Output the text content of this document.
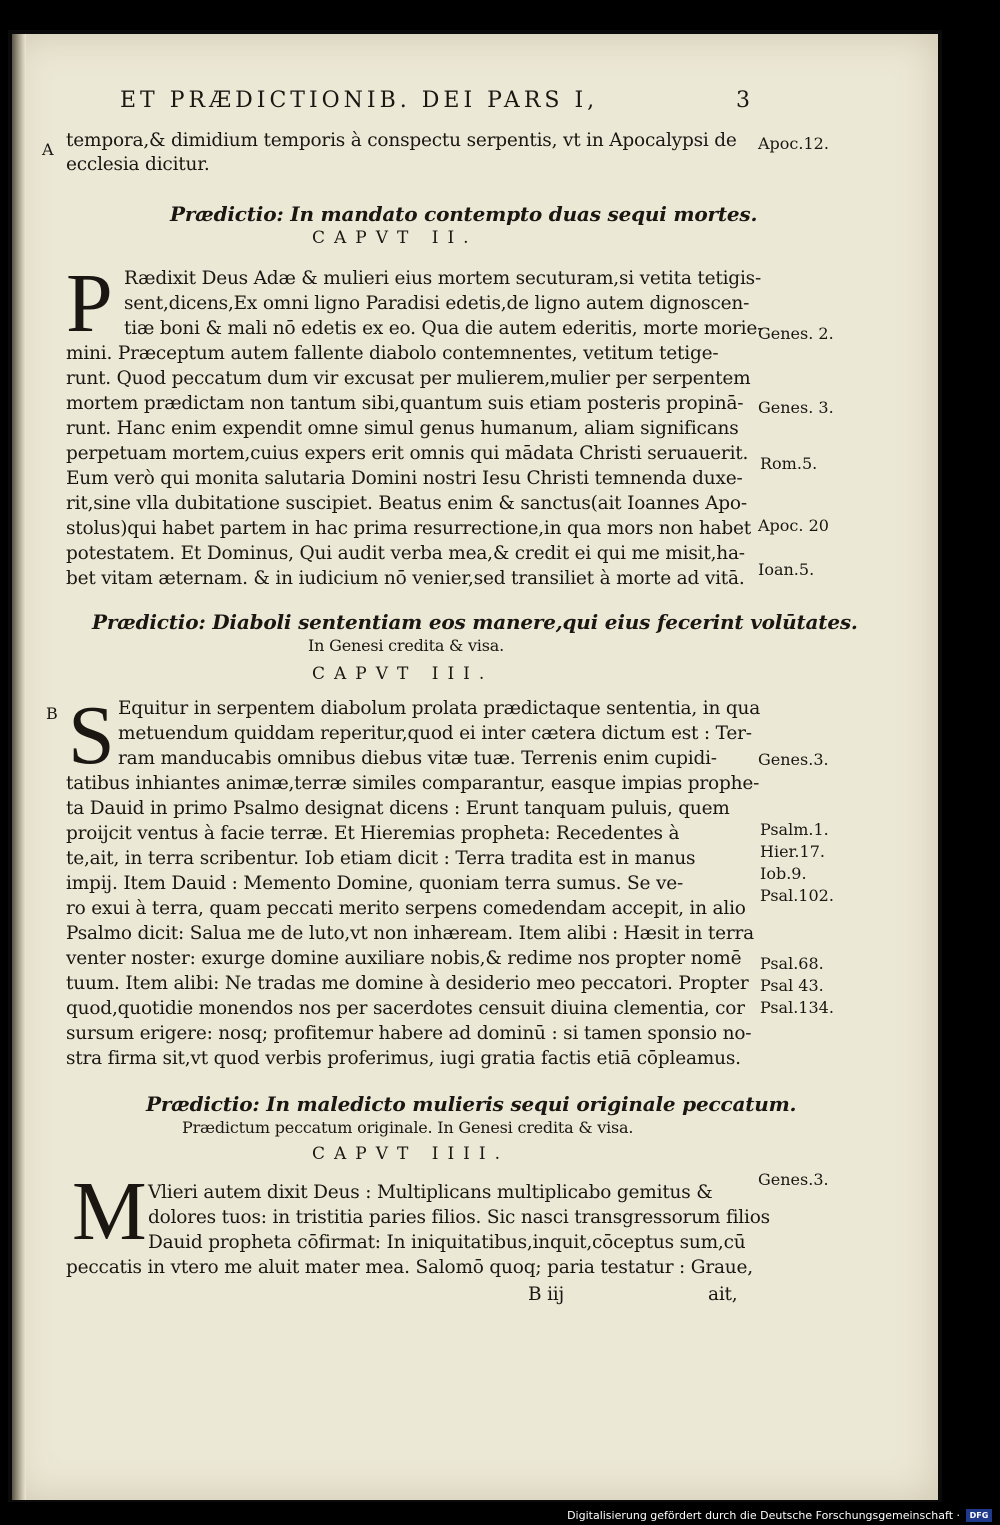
ET PRÆDICTIONIB. DEI PARS I,	3
A
B
tempora,& dimidium temporis à conspectu serpentis, vt in Apocalypsi de
ecclesia dicitur.
Prædictio: In mandato contempto duas sequi mortes.
CAPVT II.
P Rædixit Deus Adæ & mulieri eius mortem secuturam,si vetita tetigis-
sent,dicens,Ex omni ligno Paradisi edetis,de ligno autem dignoscen-
tiæ boni & mali nō edetis ex eo. Qua die autem ederitis, morte morie-
mini. Præceptum autem fallente diabolo contemnentes, vetitum tetige-
runt. Quod peccatum dum vir excusat per mulierem,mulier per serpentem
mortem prædictam non tantum sibi,quantum suis etiam posteris propinā-
runt. Hanc enim expendit omne simul genus humanum, aliam significans
perpetuam mortem,cuius expers erit omnis qui mādata Christi seruauerit.
Eum verò qui monita salutaria Domini nostri Iesu Christi temnenda duxe-
rit,sine vlla dubitatione suscipiet. Beatus enim & sanctus(ait Ioannes Apo-
stolus)qui habet partem in hac prima resurrectione,in qua mors non habet
potestatem. Et Dominus, Qui audit verba mea,& credit ei qui me misit,ha-
bet vitam æternam. & in iudicium nō venier,sed transiliet à morte ad vitā.
Prædictio: Diaboli sententiam eos manere,qui eius fecerint volūtates.
In Genesi credita & visa.
CAPVT III.
S Equitur in serpentem diabolum prolata prædictaque sententia, in qua
metuendum quiddam reperitur,quod ei inter cætera dictum est : Ter-
ram manducabis omnibus diebus vitæ tuæ. Terrenis enim cupidi-
tatibus inhiantes animæ,terræ similes comparantur, easque impias prophe-
ta Dauid in primo Psalmo designat dicens : Erunt tanquam puluis, quem
proijcit ventus à facie terræ. Et Hieremias propheta: Recedentes à
te,ait, in terra scribentur. Iob etiam dicit : Terra tradita est in manus
impij. Item Dauid : Memento Domine, quoniam terra sumus. Se ve-
ro exui à terra, quam peccati merito serpens comedendam accepit, in alio
Psalmo dicit: Salua me de luto,vt non inhæream. Item alibi : Hæsit in terra
venter noster: exurge domine auxiliare nobis,& redime nos propter nomē
tuum. Item alibi: Ne tradas me domine à desiderio meo peccatori. Propter
quod,quotidie monendos nos per sacerdotes censuit diuina clementia, cor
sursum erigere: nosq; profitemur habere ad dominū : si tamen sponsio no-
stra firma sit,vt quod verbis proferimus, iugi gratia factis etiā cōpleamus.
Prædictio: In maledicto mulieris sequi originale peccatum.
Prædictum peccatum originale. In Genesi credita & visa.
CAPVT IIII.
M Vlieri autem dixit Deus : Multiplicans multiplicabo gemitus &
dolores tuos: in tristitia paries filios. Sic nasci transgressorum filios
Dauid propheta cōfirmat: In iniquitatibus,inquit,cōceptus sum,cū
peccatis in vtero me aluit mater mea. Salomō quoq; paria testatur : Graue,
B iij	ait,
Apoc.12.
Genes. 2.
Genes. 3.
Rom.5.
Apoc. 20
Ioan.5.
Genes.3.
Psalm.1.
Hier.17.
Iob.9.
Psal.102.
Psal.68.
Psal 43.
Psal.134.
Genes.3.
Digitalisierung gefördert durch die Deutsche Forschungsgemeinschaft ·	DFG
